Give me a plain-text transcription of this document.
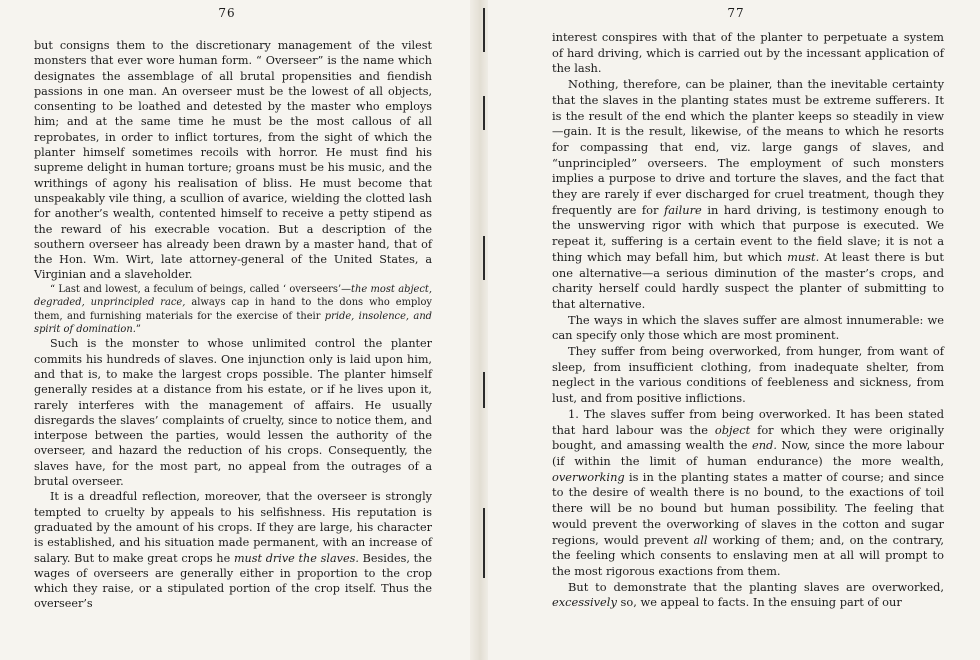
76

but consigns them to the discretionary management of the vilest monsters that ever wore human form. “ Overseer” is the name which designates the assemblage of all brutal propensities and fiendish passions in one man. An overseer must be the lowest of all objects, consenting to be loathed and detested by the master who employs him; and at the same time he must be the most callous of all reprobates, in order to inflict tortures, from the sight of which the planter himself sometimes recoils with horror. He must find his supreme delight in human torture; groans must be his music, and the writhings of agony his realisation of bliss. He must become that unspeakably vile thing, a scullion of avarice, wielding the clotted lash for another’s wealth, contented himself to receive a petty stipend as the reward of his execrable vocation. But a description of the southern overseer has already been drawn by a master hand, that of the Hon. Wm. Wirt, late attorney-general of the United States, a Virginian and a slaveholder.

“ Last and lowest, a feculum of beings, called ‘ overseers’—the most abject, degraded, unprincipled race, always cap in hand to the dons who employ them, and furnishing materials for the exercise of their pride, insolence, and spirit of domination.”

Such is the monster to whose unlimited control the planter commits his hundreds of slaves. One injunction only is laid upon him, and that is, to make the largest crops possible. The planter himself generally resides at a distance from his estate, or if he lives upon it, rarely interferes with the management of affairs. He usually disregards the slaves’ complaints of cruelty, since to notice them, and interpose between the parties, would lessen the authority of the overseer, and hazard the reduction of his crops. Consequently, the slaves have, for the most part, no appeal from the outrages of a brutal overseer.

It is a dreadful reflection, moreover, that the overseer is strongly tempted to cruelty by appeals to his selfishness. His reputation is graduated by the amount of his crops. If they are large, his character is established, and his situation made permanent, with an increase of salary. But to make great crops he must drive the slaves. Besides, the wages of overseers are generally either in proportion to the crop which they raise, or a stipulated portion of the crop itself. Thus the overseer’s

77

interest conspires with that of the planter to perpetuate a system of hard driving, which is carried out by the incessant application of the lash.

Nothing, therefore, can be plainer, than the inevitable certainty that the slaves in the planting states must be extreme sufferers. It is the result of the end which the planter keeps so steadily in view—gain. It is the result, likewise, of the means to which he resorts for compassing that end, viz. large gangs of slaves, and “unprincipled” overseers. The employment of such monsters implies a purpose to drive and torture the slaves, and the fact that they are rarely if ever discharged for cruel treatment, though they frequently are for failure in hard driving, is testimony enough to the unswerving rigor with which that purpose is executed. We repeat it, suffering is a certain event to the field slave; it is not a thing which may befall him, but which must. At least there is but one alternative—a serious diminution of the master’s crops, and charity herself could hardly suspect the planter of submitting to that alternative.

The ways in which the slaves suffer are almost innumerable: we can specify only those which are most prominent.

They suffer from being overworked, from hunger, from want of sleep, from insufficient clothing, from inadequate shelter, from neglect in the various conditions of feebleness and sickness, from lust, and from positive inflictions.

1. The slaves suffer from being overworked. It has been stated that hard labour was the object for which they were originally bought, and amassing wealth the end. Now, since the more labour (if within the limit of human endurance) the more wealth, overworking is in the planting states a matter of course; and since to the desire of wealth there is no bound, to the exactions of toil there will be no bound but human possibility. The feeling that would prevent the overworking of slaves in the cotton and sugar regions, would prevent all working of them; and, on the contrary, the feeling which consents to enslaving men at all will prompt to the most rigorous exactions from them.

But to demonstrate that the planting slaves are overworked, excessively so, we appeal to facts. In the ensuing part of our
